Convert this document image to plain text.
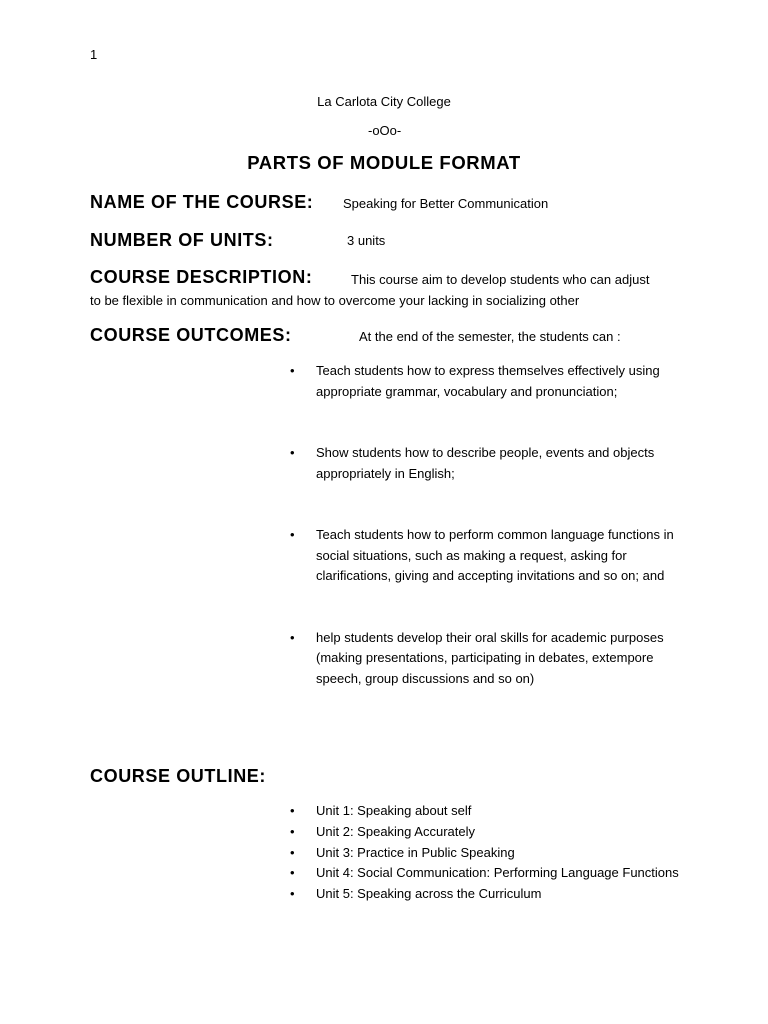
1
La Carlota City College
-oOo-
PARTS OF MODULE FORMAT
NAME OF THE COURSE: Speaking for Better Communication
NUMBER OF UNITS:	3 units
COURSE DESCRIPTION:	This course aim to develop students who can adjust
to be flexible in communication and how to overcome your lacking in socializing other
COURSE OUTCOMES:	At the end of the semester, the students can :
• Teach students how to express themselves effectively using appropriate grammar, vocabulary and pronunciation;
• Show students how to describe people, events and objects appropriately in English;
• Teach students how to perform common language functions in social situations, such as making a request, asking for clarifications, giving and accepting invitations and so on; and
• help students develop their oral skills for academic purposes (making presentations, participating in debates, extempore speech, group discussions and so on)
COURSE OUTLINE:
• Unit 1: Speaking about self
• Unit 2: Speaking Accurately
• Unit 3: Practice in Public Speaking
• Unit 4: Social Communication: Performing Language Functions
• Unit 5: Speaking across the Curriculum
